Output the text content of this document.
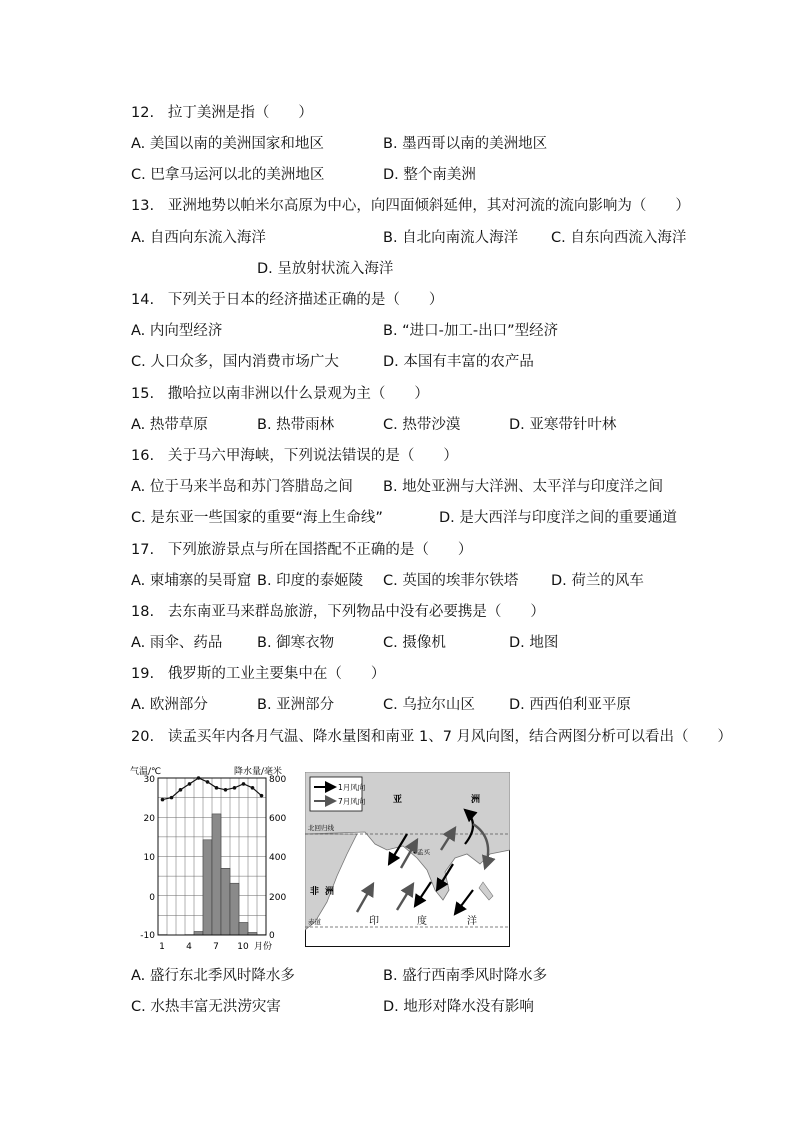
12. 拉丁美洲是指（　　）
A. 美国以南的美洲国家和地区	B. 墨西哥以南的美洲地区
C. 巴拿马运河以北的美洲地区	D. 整个南美洲
13. 亚洲地势以帕米尔高原为中心，向四面倾斜延伸，其对河流的流向影响为（　　）
A. 自西向东流入海洋	B. 自北向南流人海洋 C. 自东向西流入海洋
D. 呈放射状流入海洋
14. 下列关于日本的经济描述正确的是（　　）
A. 内向型经济	B. “进口-加工-出口”型经济
C. 人口众多，国内消费市场广大	D. 本国有丰富的农产品
15. 撒哈拉以南非洲以什么景观为主（　　）
A. 热带草原	B. 热带雨林	C. 热带沙漠	D. 亚寒带针叶林
16. 关于马六甲海峡，下列说法错误的是（　　）
A. 位于马来半岛和苏门答腊岛之间 B. 地处亚洲与大洋洲、太平洋与印度洋之间
C. 是东亚一些国家的重要“海上生命线”	D. 是大西洋与印度洋之间的重要通道
17. 下列旅游景点与所在国搭配不正确的是（　　）
A. 柬埔寨的吴哥窟 B. 印度的泰姬陵 C. 英国的埃菲尔铁塔 D. 荷兰的风车
18. 去东南亚马来群岛旅游，下列物品中没有必要携是（　　）
A. 雨伞、药品 B. 御寒衣物	C. 摄像机	D. 地图
19. 俄罗斯的工业主要集中在（　　）
A. 欧洲部分	B. 亚洲部分	C. 乌拉尔山区 D. 西西伯利亚平原
20. 读孟买年内各月气温、降水量图和南亚 1、7 月风向图，结合两图分析可以看出（　　）
气温/℃	降水量/毫米
30
20
10
0
-10
800
600
400
200
0
1 4 7 10 月份
1月风向
7月风向	亚	洲
北回归线
孟买
非 洲
赤道	印	度	洋
A. 盛行东北季风时降水多	B. 盛行西南季风时降水多
C. 水热丰富无洪涝灾害	D. 地形对降水没有影响
